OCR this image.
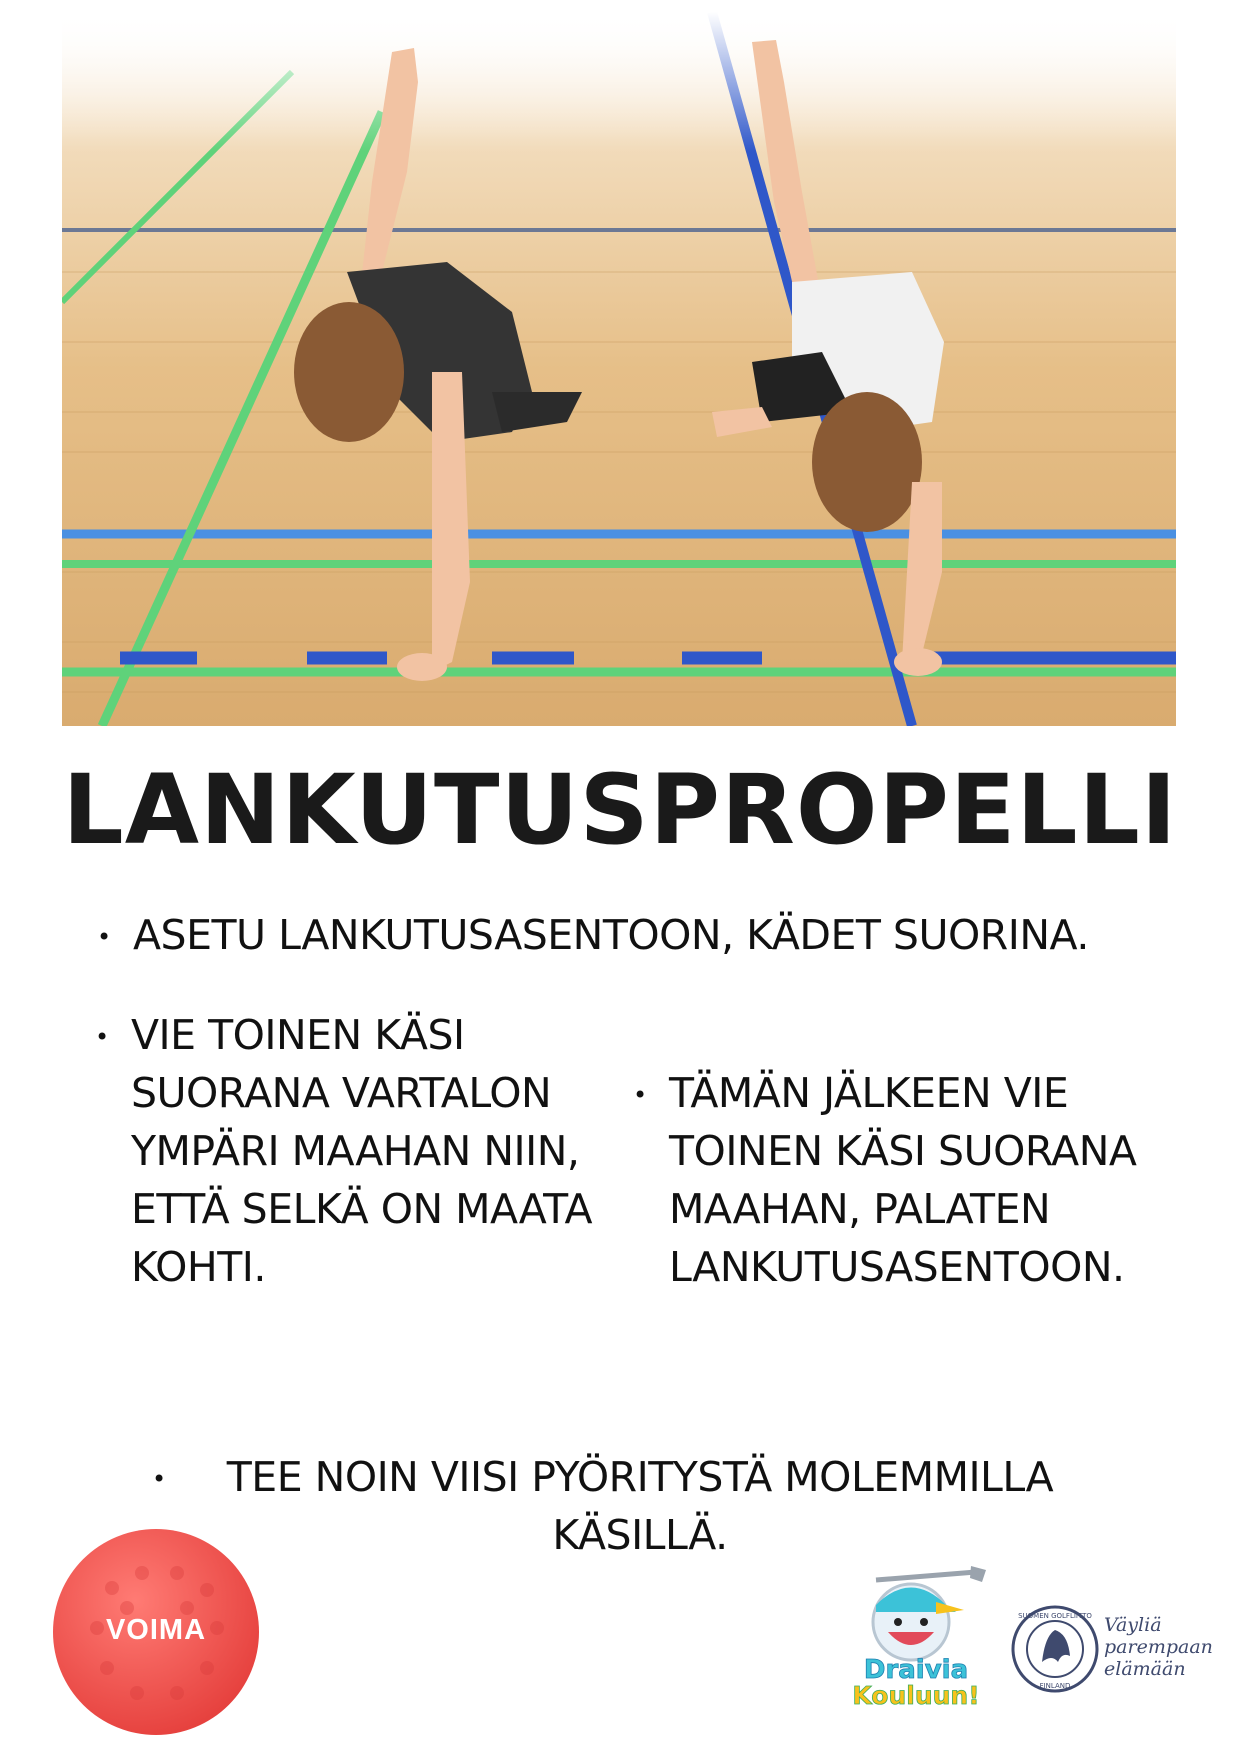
LANKUTUSPROPELLI
• ASETU LANKUTUSASENTOON, KÄDET SUORINA.
• VIE TOINEN KÄSI SUORANA VARTALON YMPÄRI MAAHAN NIIN, ETTÄ SELKÄ ON MAATA KOHTI.
• TÄMÄN JÄLKEEN VIE TOINEN KÄSI SUORANA MAAHAN, PALATEN LANKUTUSASENTOON.
• TEE NOIN VIISI PYÖRITYSTÄ MOLEMMILLA KÄSILLÄ.
VOIMA
Draivia
Kouluun!
SUOMEN GOLFLIITTO
FINLAND
Väyliä
parempaan
elämään
